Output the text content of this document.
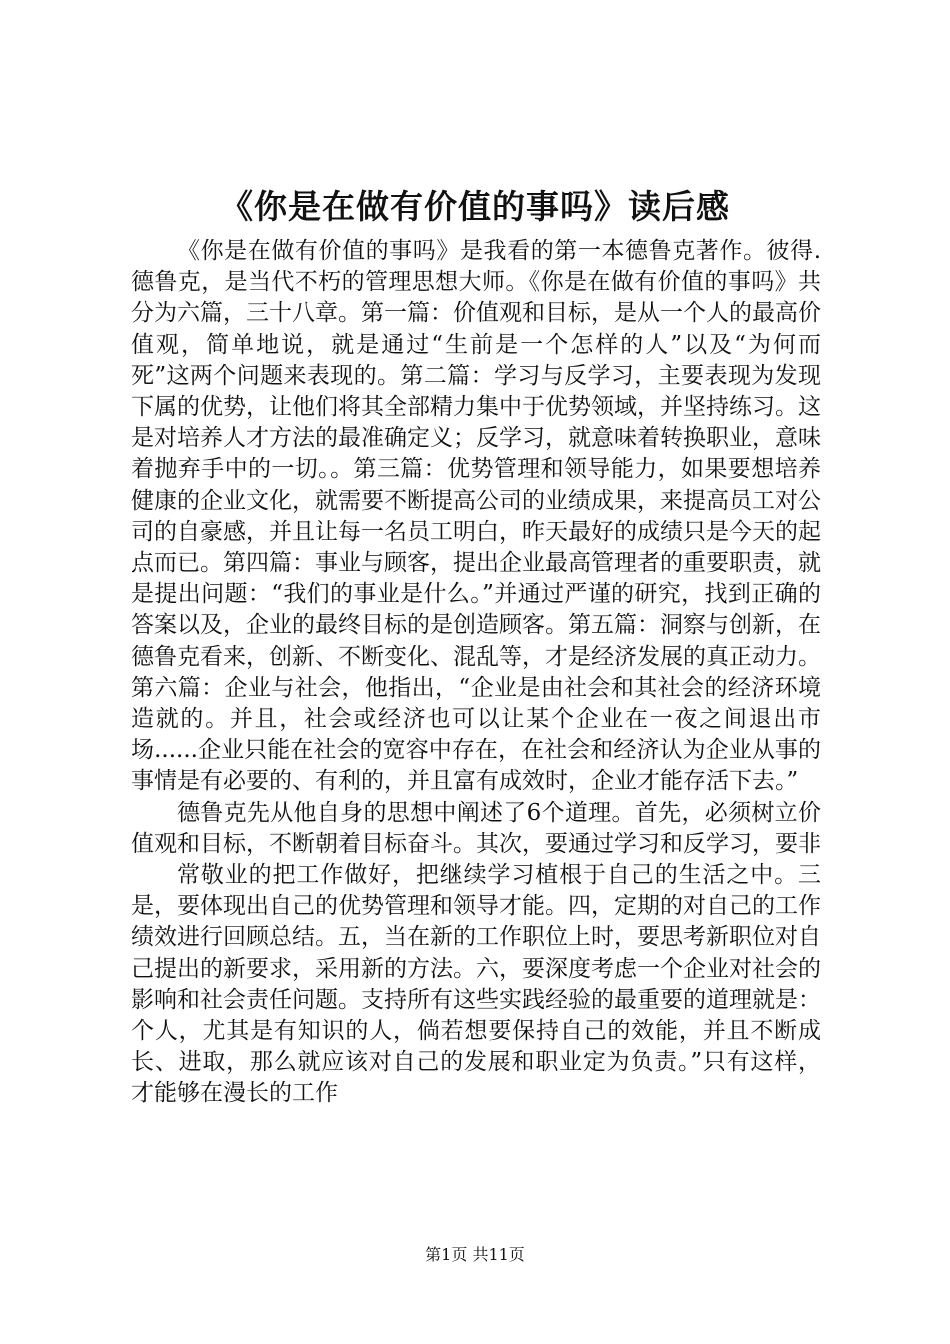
《你是在做有价值的事吗》读后感

《你是在做有价值的事吗》是我看的第一本德鲁克著作。彼得.德鲁克，是当代不朽的管理思想大师。《你是在做有价值的事吗》共分为六篇，三十八章。第一篇：价值观和目标，是从一个人的最高价值观，简单地说，就是通过“生前是一个怎样的人”以及“为何而死”这两个问题来表现的。第二篇：学习与反学习，主要表现为发现下属的优势，让他们将其全部精力集中于优势领域，并坚持练习。这是对培养人才方法的最准确定义；反学习，就意味着转换职业，意味着抛弃手中的一切。。第三篇：优势管理和领导能力，如果要想培养健康的企业文化，就需要不断提高公司的业绩成果，来提高员工对公司的自豪感，并且让每一名员工明白，昨天最好的成绩只是今天的起点而已。第四篇：事业与顾客，提出企业最高管理者的重要职责，就是提出问题：“我们的事业是什么。”并通过严谨的研究，找到正确的答案以及，企业的最终目标的是创造顾客。第五篇：洞察与创新，在德鲁克看来，创新、不断变化、混乱等，才是经济发展的真正动力。第六篇：企业与社会，他指出，“企业是由社会和其社会的经济环境造就的。并且，社会或经济也可以让某个企业在一夜之间退出市场......企业只能在社会的宽容中存在，在社会和经济认为企业从事的事情是有必要的、有利的，并且富有成效时，企业才能存活下去。”

德鲁克先从他自身的思想中阐述了6个道理。首先，必须树立价值观和目标，不断朝着目标奋斗。其次，要通过学习和反学习，要非

常敬业的把工作做好，把继续学习植根于自己的生活之中。三是，要体现出自己的优势管理和领导才能。四，定期的对自己的工作绩效进行回顾总结。五，当在新的工作职位上时，要思考新职位对自己提出的新要求，采用新的方法。六，要深度考虑一个企业对社会的影响和社会责任问题。支持所有这些实践经验的最重要的道理就是：个人，尤其是有知识的人，倘若想要保持自己的效能，并且不断成长、进取，那么就应该对自己的发展和职业定为负责。”只有这样，才能够在漫长的工作

第1页 共11页
